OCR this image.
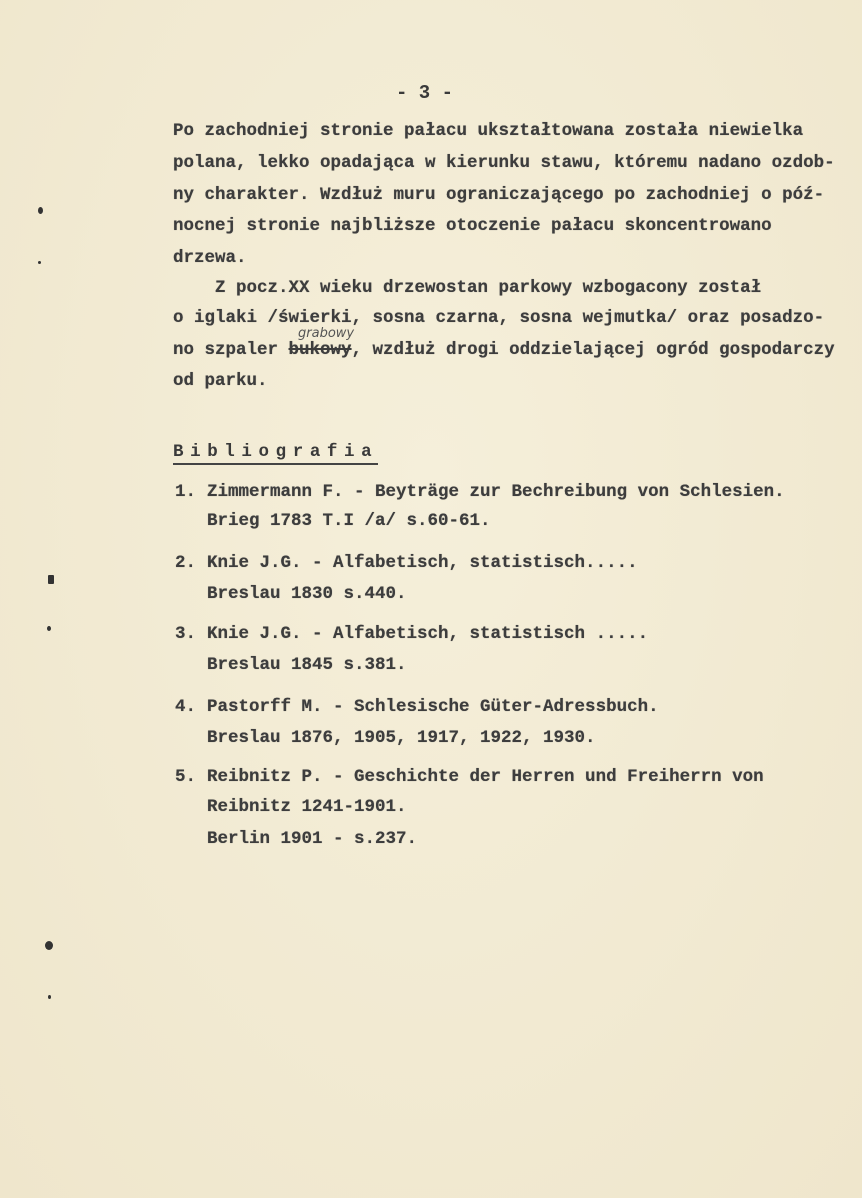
- 3 -
Po zachodniej stronie pałacu ukształtowana została niewielka
polana, lekko opadająca w kierunku stawu, któremu nadano ozdob-
ny charakter. Wzdłuż muru ograniczającego po zachodniej o póź-
nocnej stronie najbliższe otoczenie pałacu skoncentrowano
drzewa.
Z pocz.XX wieku drzewostan parkowy wzbogacony został
o iglaki /świerki, sosna czarna, sosna wejmutka/ oraz posadzo-
no szpaler bukowy, wzdłuż drogi oddzielającej ogród gospodarczy
grabowy
od parku.
Bibliografia
1. Zimmermann F. - Beyträge zur Bechreibung von Schlesien.
Brieg 1783 T.I /a/ s.60-61.
2. Knie J.G. - Alfabetisch, statistisch.....
Breslau 1830 s.440.
3. Knie J.G. - Alfabetisch, statistisch .....
Breslau 1845 s.381.
4. Pastorff M. - Schlesische Güter-Adressbuch.
Breslau 1876, 1905, 1917, 1922, 1930.
5. Reibnitz P. - Geschichte der Herren und Freiherrn von
Reibnitz 1241-1901.
Berlin 1901 - s.237.
